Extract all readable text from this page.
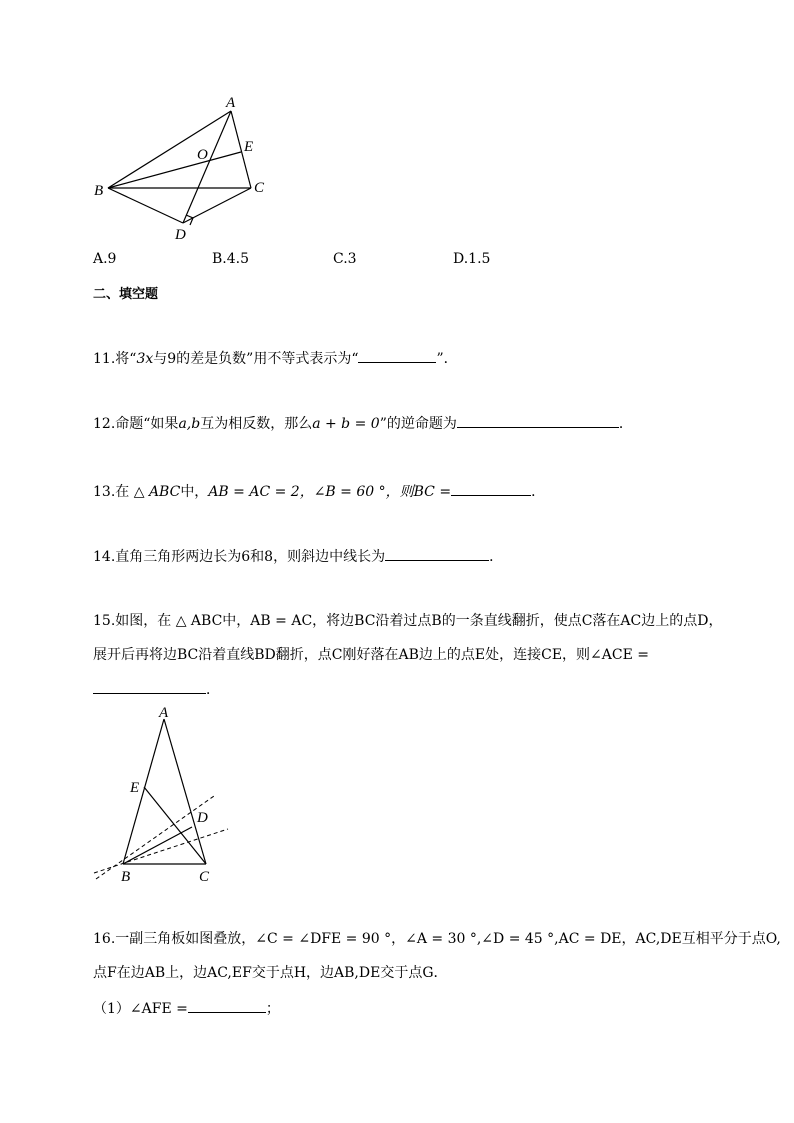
A
E
O
B	C
D
A.9	B.4.5	C.3	D.1.5
二、填空题
11.将“3x与9的差是负数”用不等式表示为“	”．
12.命题“如果a,b互为相反数，那么a + b = 0”的逆命题为	．
13.在 △ ABC中，AB = AC = 2，∠B = 60 °，则BC =	．
14.直角三角形两边长为6和8，则斜边中线长为	．
15.如图，在 △ ABC中，AB = AC，将边BC沿着过点B的一条直线翻折，使点C落在AC边上的点D，
展开后再将边BC沿着直线BD翻折，点C刚好落在AB边上的点E处，连接CE，则∠ACE =
．
A
E
D
B	C
16.一副三角板如图叠放，∠C = ∠DFE = 90 °，∠A = 30 °,∠D = 45 °,AC = DE，AC,DE互相平分于点O,
点F在边AB上，边AC,EF交于点H，边AB,DE交于点G．
（1）∠AFE =	；
